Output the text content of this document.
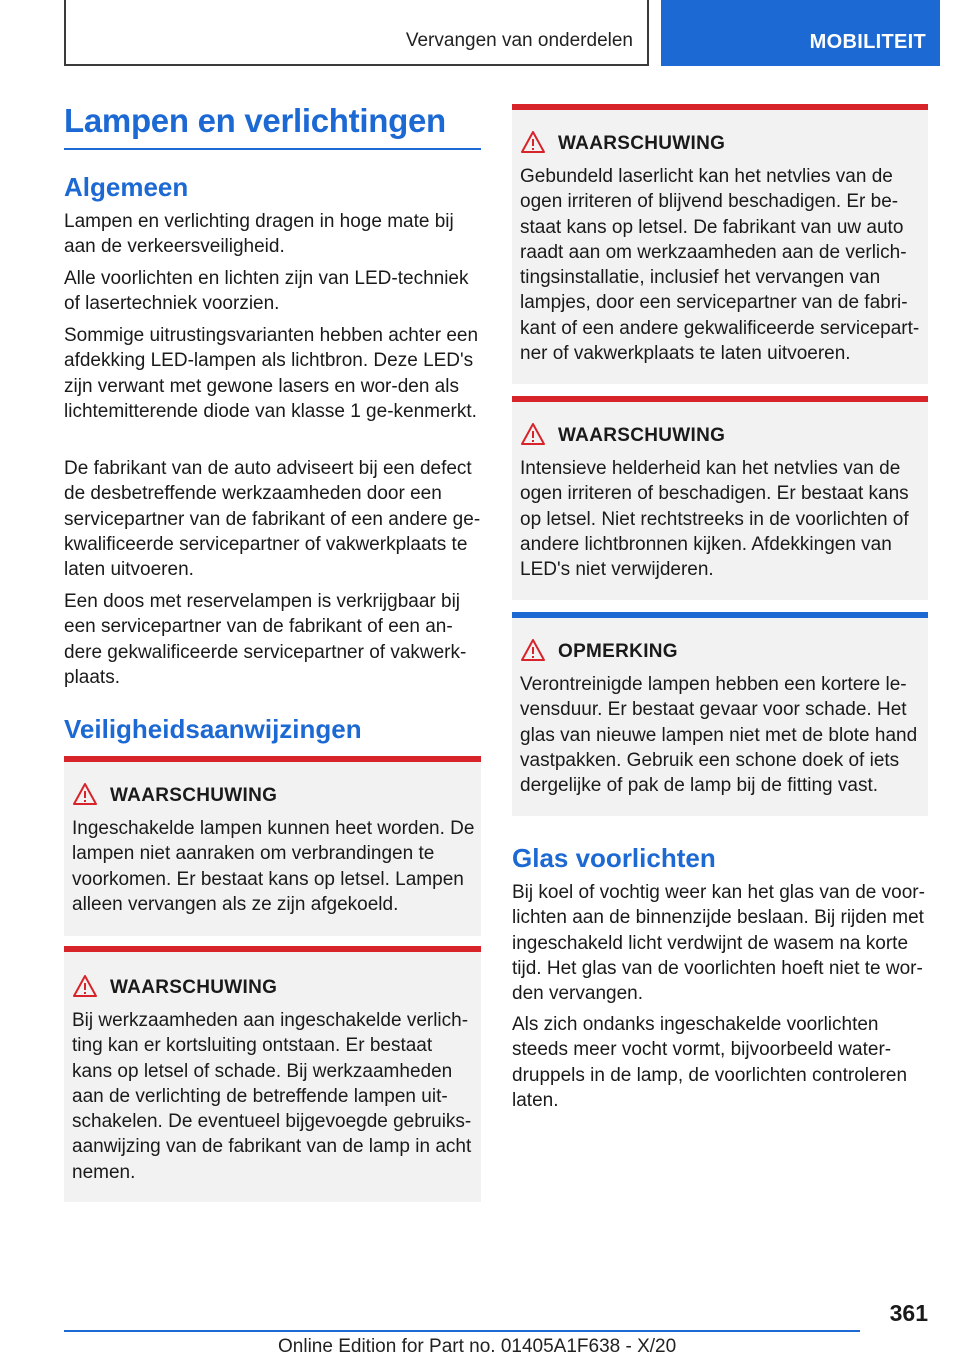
Vervangen van onderdelen	MOBILITEIT
Lampen en verlichtingen
Algemeen
Lampen en verlichting dragen in hoge mate bij aan de verkeersveiligheid.
Alle voorlichten en lichten zijn van LED-techniek of lasertechniek voorzien.
Sommige uitrustingsvarianten hebben achter een afdekking LED-lampen als lichtbron. Deze LED's zijn verwant met gewone lasers en wor-den als lichtemitterende diode van klasse 1 ge-kenmerkt.
De fabrikant van de auto adviseert bij een defect de desbetreffende werkzaamheden door een servicepartner van de fabrikant of een andere ge-kwalificeerde servicepartner of vakwerkplaats te laten uitvoeren.
Een doos met reservelampen is verkrijgbaar bij een servicepartner van de fabrikant of een an-dere gekwalificeerde servicepartner of vakwerk-plaats.
Veiligheidsaanwijzingen
WAARSCHUWING
Ingeschakelde lampen kunnen heet worden. De lampen niet aanraken om verbrandingen te voorkomen. Er bestaat kans op letsel. Lampen alleen vervangen als ze zijn afgekoeld.
WAARSCHUWING
Bij werkzaamheden aan ingeschakelde verlich-ting kan er kortsluiting ontstaan. Er bestaat kans op letsel of schade. Bij werkzaamheden aan de verlichting de betreffende lampen uit-schakelen. De eventueel bijgevoegde gebruiks-aanwijzing van de fabrikant van de lamp in acht nemen.
WAARSCHUWING
Gebundeld laserlicht kan het netvlies van de ogen irriteren of blijvend beschadigen. Er be-staat kans op letsel. De fabrikant van uw auto raadt aan om werkzaamheden aan de verlich-tingsinstallatie, inclusief het vervangen van lampjes, door een servicepartner van de fabri-kant of een andere gekwalificeerde servicepart-ner of vakwerkplaats te laten uitvoeren.
WAARSCHUWING
Intensieve helderheid kan het netvlies van de ogen irriteren of beschadigen. Er bestaat kans op letsel. Niet rechtstreeks in de voorlichten of andere lichtbronnen kijken. Afdekkingen van LED's niet verwijderen.
OPMERKING
Verontreinigde lampen hebben een kortere le-vensduur. Er bestaat gevaar voor schade. Het glas van nieuwe lampen niet met de blote hand vastpakken. Gebruik een schone doek of iets dergelijke of pak de lamp bij de fitting vast.
Glas voorlichten
Bij koel of vochtig weer kan het glas van de voor-lichten aan de binnenzijde beslaan. Bij rijden met ingeschakeld licht verdwijnt de wasem na korte tijd. Het glas van de voorlichten hoeft niet te wor-den vervangen.
Als zich ondanks ingeschakelde voorlichten steeds meer vocht vormt, bijvoorbeeld water-druppels in de lamp, de voorlichten controleren laten.
361
Online Edition for Part no. 01405A1F638 - X/20
